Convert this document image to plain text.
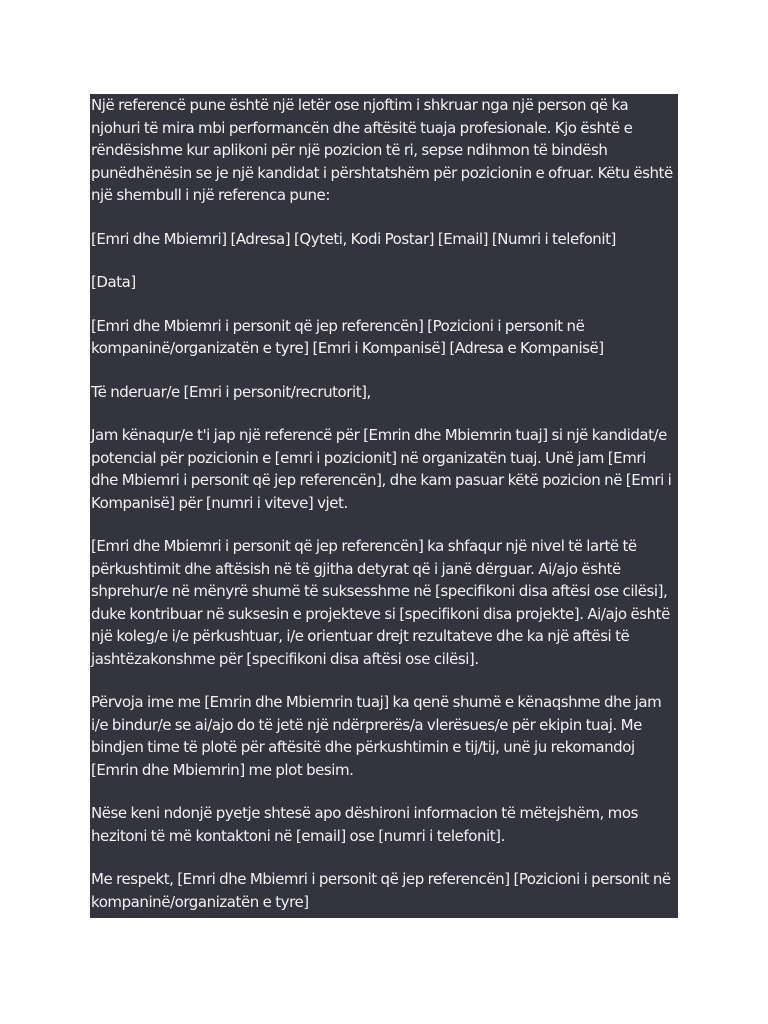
Një referencë pune është një letër ose njoftim i shkruar nga një person që ka njohuri të mira mbi performancën dhe aftësitë tuaja profesionale. Kjo është e rëndësishme kur aplikoni për një pozicion të ri, sepse ndihmon të bindësh punëdhënësin se je një kandidat i përshtatshëm për pozicionin e ofruar. Këtu është një shembull i një referenca pune:

[Emri dhe Mbiemri] [Adresa] [Qyteti, Kodi Postar] [Email] [Numri i telefonit]

[Data]

[Emri dhe Mbiemri i personit që jep referencën] [Pozicioni i personit në kompaninë/organizatën e tyre] [Emri i Kompanisë] [Adresa e Kompanisë]

Të nderuar/e [Emri i personit/recrutorit],

Jam kënaqur/e t'i jap një referencë për [Emrin dhe Mbiemrin tuaj] si një kandidat/e potencial për pozicionin e [emri i pozicionit] në organizatën tuaj. Unë jam [Emri dhe Mbiemri i personit që jep referencën], dhe kam pasuar këtë pozicion në [Emri i Kompanisë] për [numri i viteve] vjet.

[Emri dhe Mbiemri i personit që jep referencën] ka shfaqur një nivel të lartë të përkushtimit dhe aftësish në të gjitha detyrat që i janë dërguar. Ai/ajo është shprehur/e në mënyrë shumë të suksesshme në [specifikoni disa aftësi ose cilësi], duke kontribuar në suksesin e projekteve si [specifikoni disa projekte]. Ai/ajo është një koleg/e i/e përkushtuar, i/e orientuar drejt rezultateve dhe ka një aftësi të jashtëzakonshme për [specifikoni disa aftësi ose cilësi].

Përvoja ime me [Emrin dhe Mbiemrin tuaj] ka qenë shumë e kënaqshme dhe jam i/e bindur/e se ai/ajo do të jetë një ndërprerës/a vlerësues/e për ekipin tuaj. Me bindjen time të plotë për aftësitë dhe përkushtimin e tij/tij, unë ju rekomandoj [Emrin dhe Mbiemrin] me plot besim.

Nëse keni ndonjë pyetje shtesë apo dëshironi informacion të mëtejshëm, mos hezitoni të më kontaktoni në [email] ose [numri i telefonit].

Me respekt, [Emri dhe Mbiemri i personit që jep referencën] [Pozicioni i personit në kompaninë/organizatën e tyre]
